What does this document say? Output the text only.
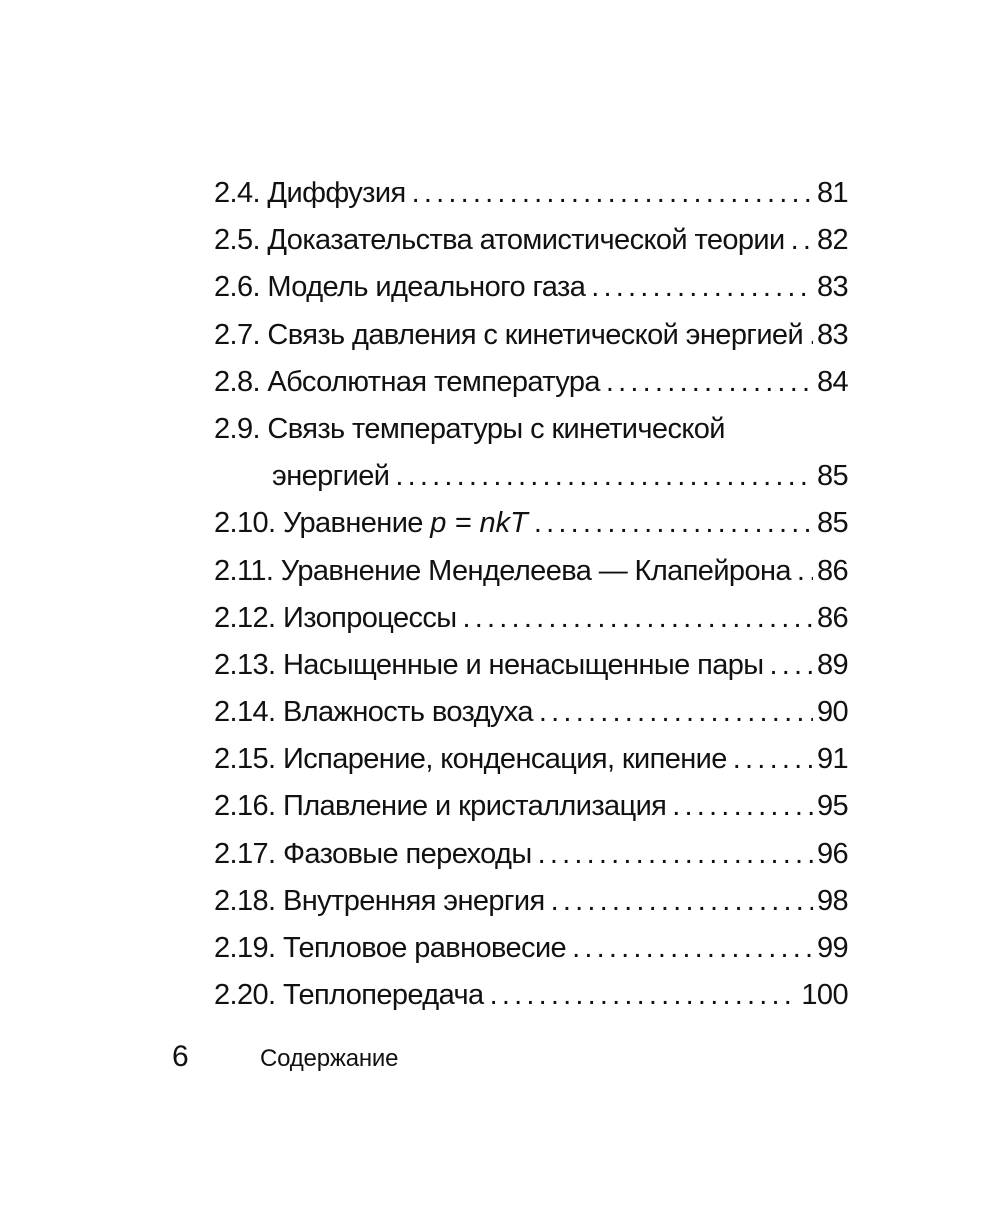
2.4. Диффузия .....	81
2.5. Доказательства атомистической теории ..... 82
2.6. Модель идеального газа .....	83
2.7. Связь давления с кинетической энергией ..... 83
2.8. Абсолютная температура .....	84
2.9. Связь температуры с кинетической
энергией .....	85
2.10. Уравнение p = nkT .....	85
2.11. Уравнение Менделеева — Клапейрона ..... 86
2.12. Изопроцессы .....	86
2.13. Насыщенные и ненасыщенные пары ..... 89
2.14. Влажность воздуха .....	90
2.15. Испарение, конденсация, кипение .....	91
2.16. Плавление и кристаллизация .....	95
2.17. Фазовые переходы .....	96
2.18. Внутренняя энергия .....	98
2.19. Тепловое равновесие .....	99
2.20. Теплопередача .....	100
6	Содержание
